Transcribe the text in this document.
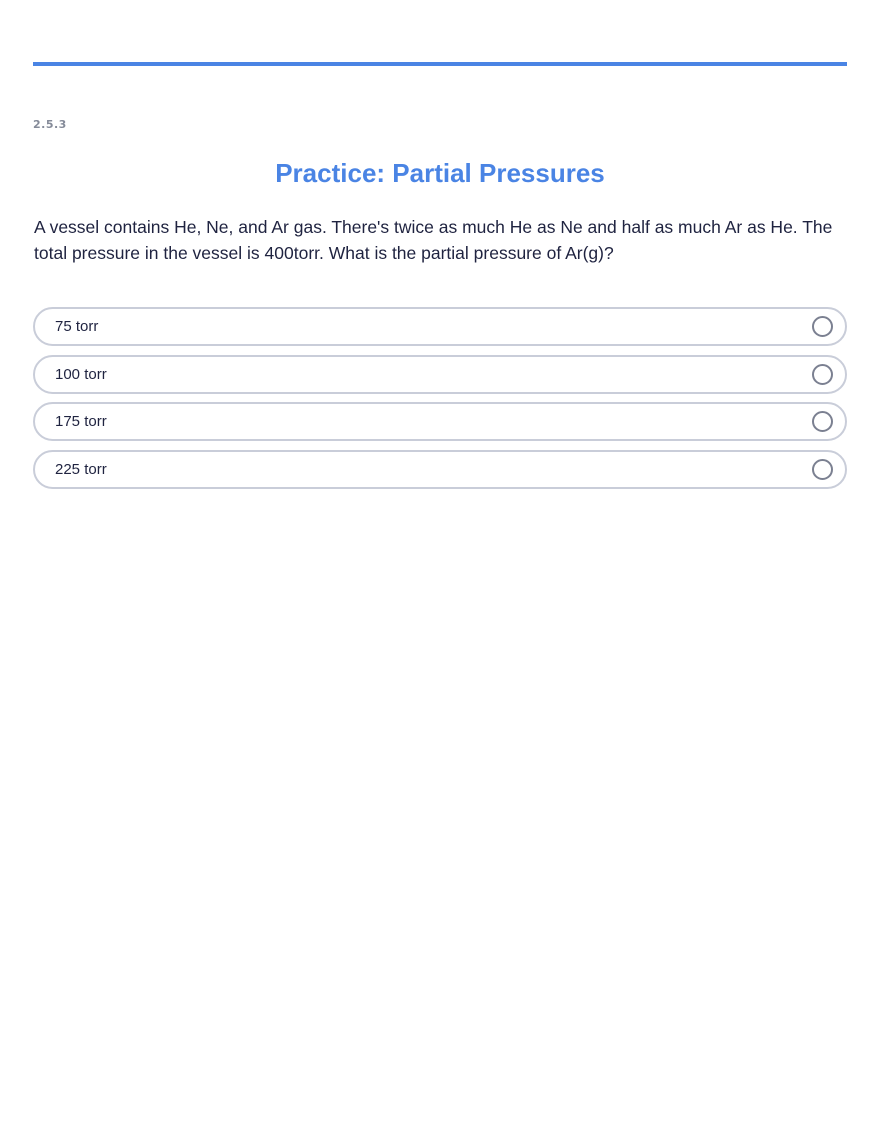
2.5.3
Practice: Partial Pressures

A vessel contains He, Ne, and Ar gas. There's twice as much He as Ne and half as much Ar as He. The total pressure in the vessel is 400torr. What is the partial pressure of Ar(g)?

75 torr
100 torr
175 torr
225 torr
